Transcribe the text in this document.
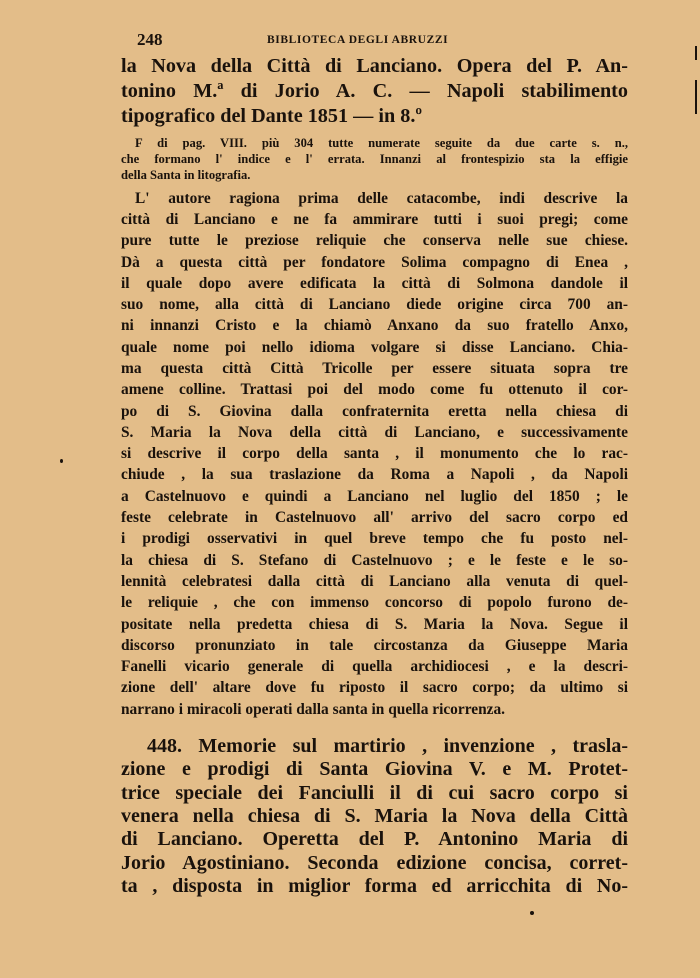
248	BIBLIOTECA DEGLI ABRUZZI
la Nova della Città di Lanciano. Opera del P. An-
tonino M.ª di Jorio A. C. — Napoli stabilimento
tipografico del Dante 1851 — in 8.º
F di pag. VIII. più 304 tutte numerate seguite da due carte s. n.,
che formano l' indice e l' errata. Innanzi al frontespizio sta la effigie
della Santa in litografia.
L' autore ragiona prima delle catacombe, indi descrive la
città di Lanciano e ne fa ammirare tutti i suoi pregi; come
pure tutte le preziose reliquie che conserva nelle sue chiese.
Dà a questa città per fondatore Solima compagno di Enea ,
il quale dopo avere edificata la città di Solmona dandole il
suo nome, alla città di Lanciano diede origine circa 700 an-
ni innanzi Cristo e la chiamò Anxano da suo fratello Anxo,
quale nome poi nello idioma volgare si disse Lanciano. Chia-
ma questa città Città Tricolle per essere situata sopra tre
amene colline. Trattasi poi del modo come fu ottenuto il cor-
po di S. Giovina dalla confraternita eretta nella chiesa di
S. Maria la Nova della città di Lanciano, e successivamente
si descrive il corpo della santa , il monumento che lo rac-
chiude , la sua traslazione da Roma a Napoli , da Napoli
a Castelnuovo e quindi a Lanciano nel luglio del 1850 ; le
feste celebrate in Castelnuovo all' arrivo del sacro corpo ed
i prodigi osservativi in quel breve tempo che fu posto nel-
la chiesa di S. Stefano di Castelnuovo ; e le feste e le so-
lennità celebratesi dalla città di Lanciano alla venuta di quel-
le reliquie , che con immenso concorso di popolo furono de-
positate nella predetta chiesa di S. Maria la Nova. Segue il
discorso pronunziato in tale circostanza da Giuseppe Maria
Fanelli vicario generale di quella archidiocesi , e la descri-
zione dell' altare dove fu riposto il sacro corpo; da ultimo si
narrano i miracoli operati dalla santa in quella ricorrenza.
448. Memorie sul martirio , invenzione , trasla-
zione e prodigi di Santa Giovina V. e M. Protet-
trice speciale dei Fanciulli il di cui sacro corpo si
venera nella chiesa di S. Maria la Nova della Città
di Lanciano. Operetta del P. Antonino Maria di
Jorio Agostiniano. Seconda edizione concisa, corret-
ta , disposta in miglior forma ed arricchita di No-
